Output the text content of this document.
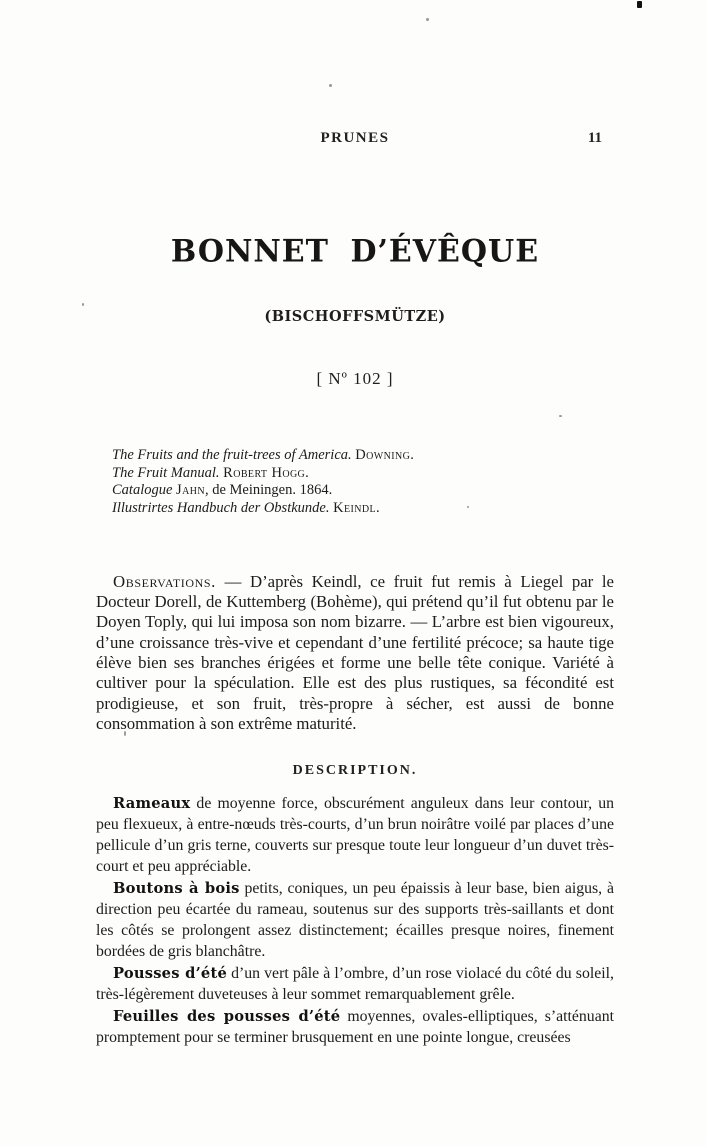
PRUNES	11
BONNET D’ÉVÊQUE
(BISCHOFFSMÜTZE)
[ Nº 102 ]
The Fruits and the fruit-trees of America. Downing.
The Fruit Manual. Robert Hogg.
Catalogue Jahn, de Meiningen. 1864.
Illustrirtes Handbuch der Obstkunde. Keindl.

Observations. — D’après Keindl, ce fruit fut remis à Liegel par le Docteur Dorell, de Kuttemberg (Bohème), qui prétend qu’il fut obtenu par le Doyen Toply, qui lui imposa son nom bizarre. — L’arbre est bien vigoureux, d’une croissance très-vive et cependant d’une fertilité précoce; sa haute tige élève bien ses branches érigées et forme une belle tête conique. Variété à cultiver pour la spéculation. Elle est des plus rustiques, sa fécondité est prodigieuse, et son fruit, très-propre à sécher, est aussi de bonne consommation à son extrême maturité.

DESCRIPTION.

Rameaux de moyenne force, obscurément anguleux dans leur contour, un peu flexueux, à entre-nœuds très-courts, d’un brun noirâtre voilé par places d’une pellicule d’un gris terne, couverts sur presque toute leur longueur d’un duvet très-court et peu appréciable.

Boutons à bois petits, coniques, un peu épaissis à leur base, bien aigus, à direction peu écartée du rameau, soutenus sur des supports très-saillants et dont les côtés se prolongent assez distinctement; écailles presque noires, finement bordées de gris blanchâtre.

Pousses d’été d’un vert pâle à l’ombre, d’un rose violacé du côté du soleil, très-légèrement duveteuses à leur sommet remarquablement grêle.

Feuilles des pousses d’été moyennes, ovales-elliptiques, s’atténuant promptement pour se terminer brusquement en une pointe longue, creusées
